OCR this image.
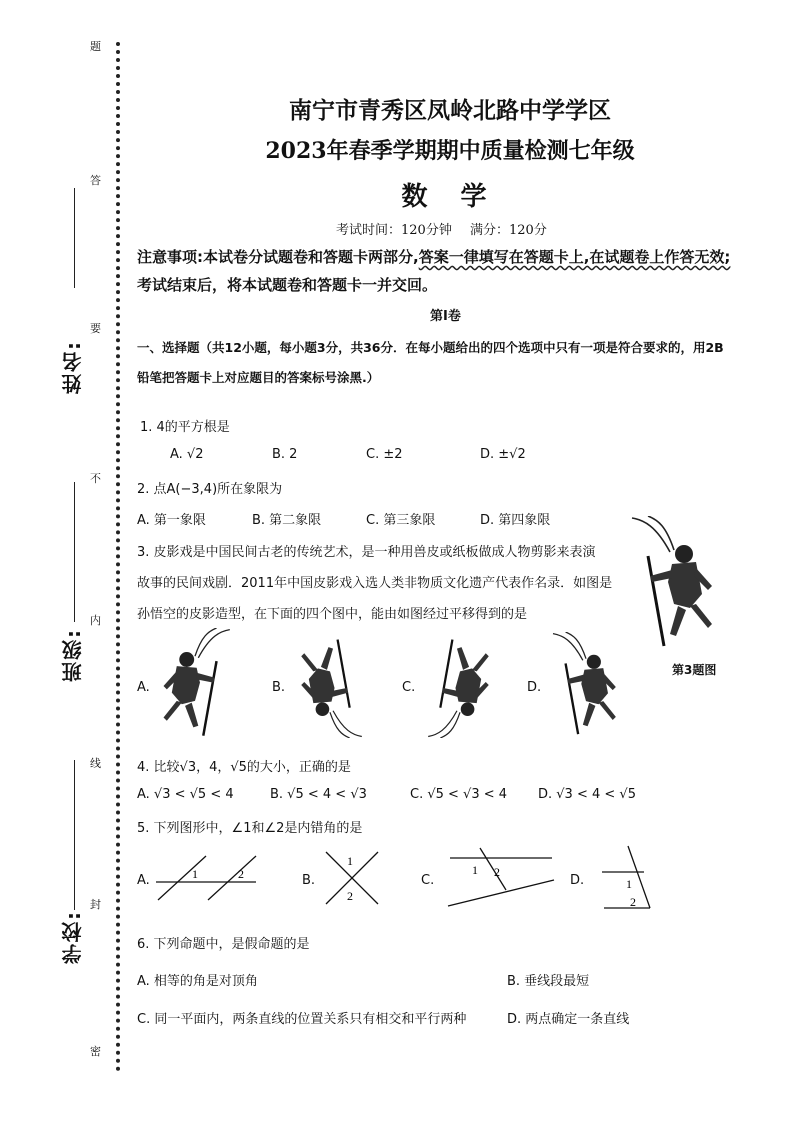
题
答
要
不
内
线
封
密
姓名:
班级:
学校:
南宁市青秀区凤岭北路中学学区
2023年春季学期期中质量检测七年级
数 学
考试时间：120分钟 满分：120分
注意事项:本试卷分试题卷和答题卡两部分,答案一律填写在答题卡上,在试题卷上作答无效;
考试结束后，将本试题卷和答题卡一并交回。
第I卷
一、选择题（共12小题，每小题3分，共36分．在每小题给出的四个选项中只有一项是符合要求的，用2B
铅笔把答题卡上对应题目的答案标号涂黑.）
1. 4的平方根是
A. √2	B. 2	C. ±2	D. ±√2
2. 点A(−3,4)所在象限为
A. 第一象限	B. 第二象限	C. 第三象限	D. 第四象限
3. 皮影戏是中国民间古老的传统艺术，是一种用兽皮或纸板做成人物剪影来表演
故事的民间戏剧．2011年中国皮影戏入选人类非物质文化遗产代表作名录．如图是
孙悟空的皮影造型，在下面的四个图中，能由如图经过平移得到的是
第3题图
A.	B.	C.	D.
4. 比较√3，4，√5的大小，正确的是
A. √3 < √5 < 4	B. √5 < 4 < √3	C. √5 < √3 < 4 D. √3 < 4 < √5
5. 下列图形中，∠1和∠2是内错角的是
A.	1	2	B.
1
2
C.
1 2
D.	1
2
6. 下列命题中，是假命题的是
A. 相等的角是对顶角	B. 垂线段最短
C. 同一平面内，两条直线的位置关系只有相交和平行两种	D. 两点确定一条直线
